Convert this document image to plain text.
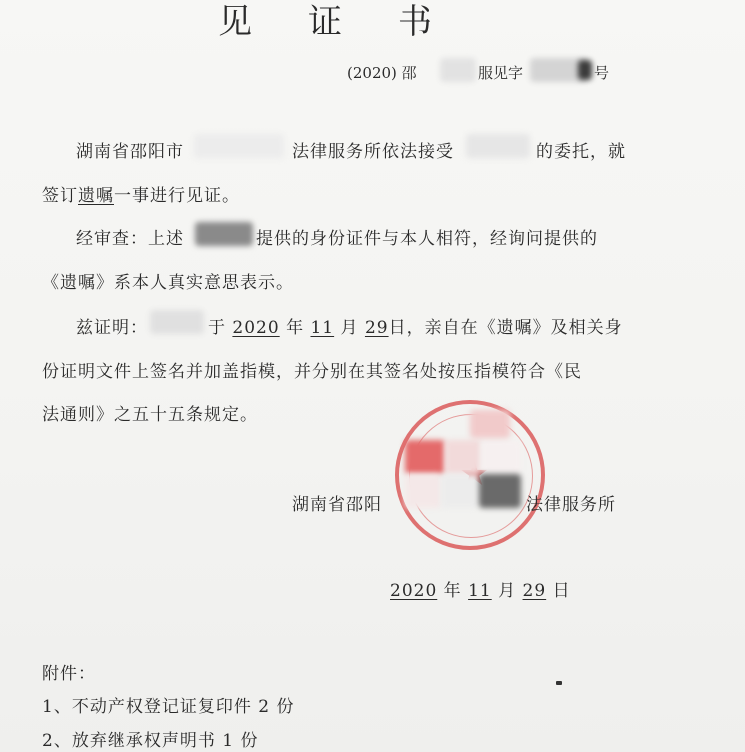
见 证 书
(2020) 邵	服见字	号
湖南省邵阳市	法律服务所依法接受	的委托，就
签订遗嘱一事进行见证。
经审查：上述	提供的身份证件与本人相符，经询问提供的
《遗嘱》系本人真实意思表示。
兹证明：	于 2020 年 11 月 29日，亲自在《遗嘱》及相关身
份证明文件上签名并加盖指模，并分别在其签名处按压指模符合《民
法通则》之五十五条规定。
湖南省邵阳	法律服务所
2020 年 11 月 29 日
附件：
1、不动产权登记证复印件 2 份
2、放弃继承权声明书 1 份
